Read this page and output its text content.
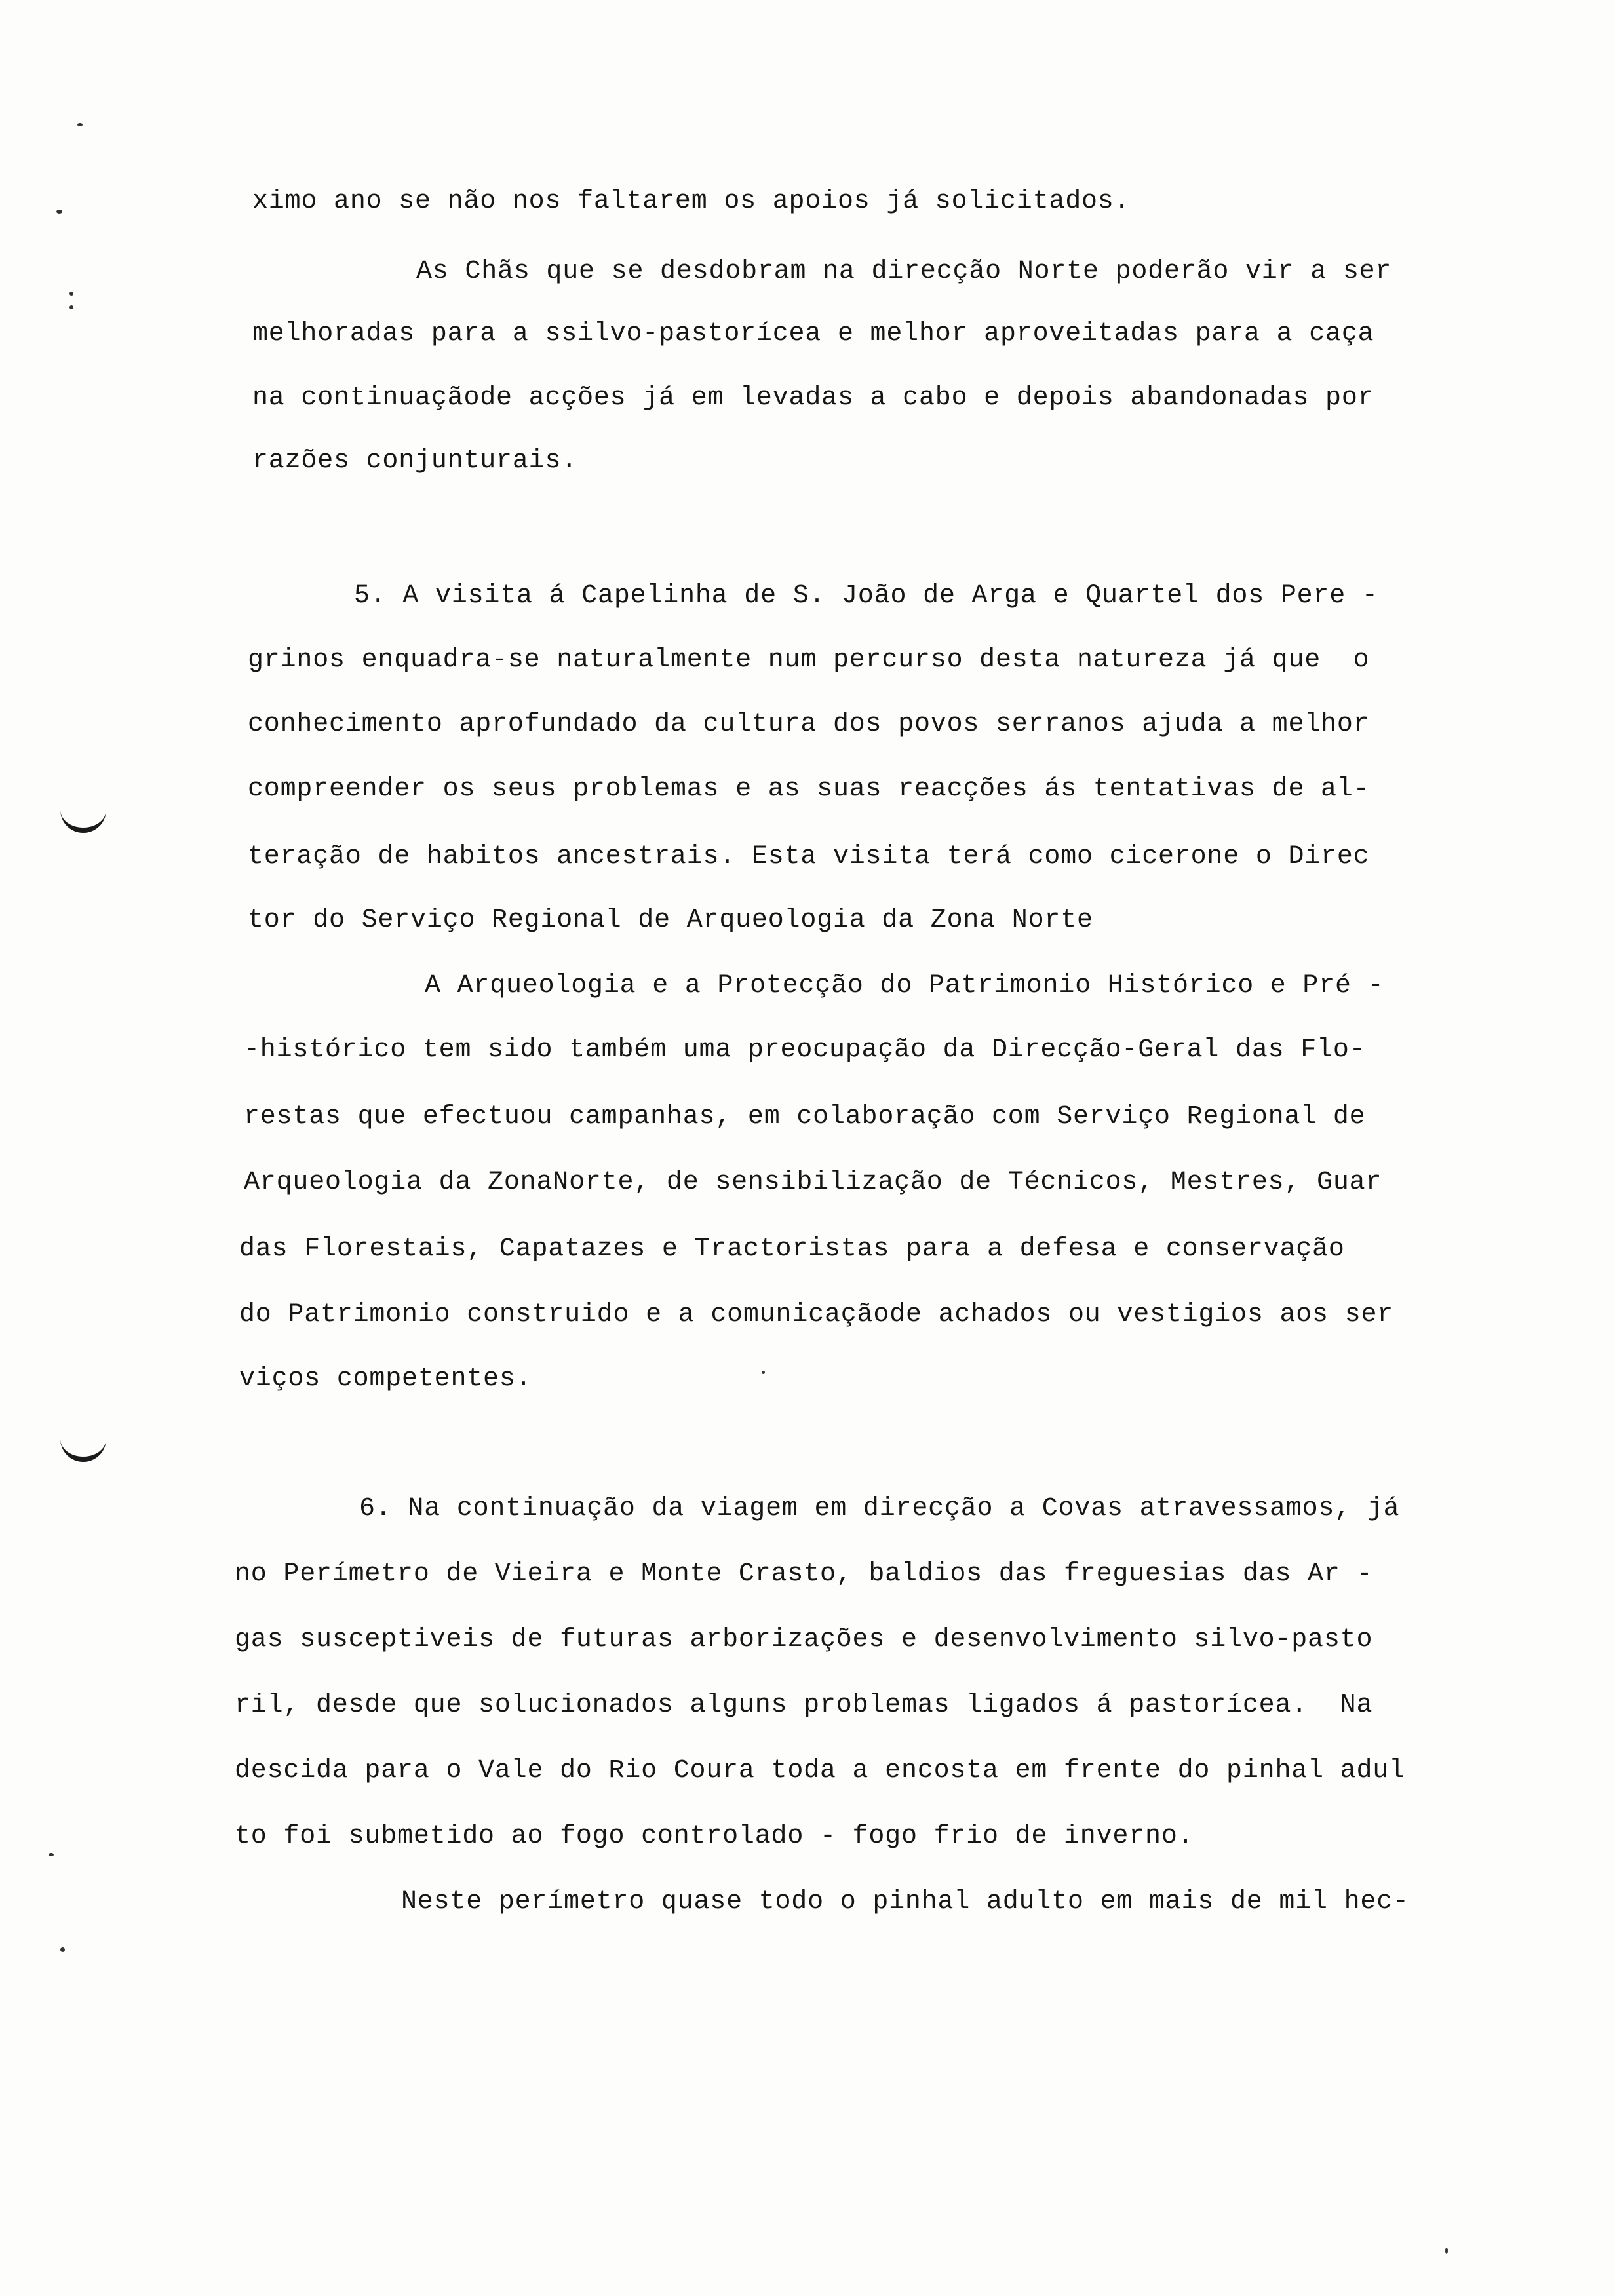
ximo ano se não nos faltarem os apoios já solicitados.
As Chãs que se desdobram na direcção Norte poderão vir a ser
melhoradas para a ssilvo-pastorícea e melhor aproveitadas para a caça
na continuaçãode acções já em levadas a cabo e depois abandonadas por
razões conjunturais.
5. A visita á Capelinha de S. João de Arga e Quartel dos Pere -
grinos enquadra-se naturalmente num percurso desta natureza já que  o
conhecimento aprofundado da cultura dos povos serranos ajuda a melhor
compreender os seus problemas e as suas reacções ás tentativas de al-
teração de habitos ancestrais. Esta visita terá como cicerone o Direc
tor do Serviço Regional de Arqueologia da Zona Norte
A Arqueologia e a Protecção do Patrimonio Histórico e Pré -
-histórico tem sido também uma preocupação da Direcção-Geral das Flo-
restas que efectuou campanhas, em colaboração com Serviço Regional de
Arqueologia da ZonaNorte, de sensibilização de Técnicos, Mestres, Guar
das Florestais, Capatazes e Tractoristas para a defesa e conservação
do Patrimonio construido e a comunicaçãode achados ou vestigios aos ser
viços competentes.
6. Na continuação da viagem em direcção a Covas atravessamos, já
no Perímetro de Vieira e Monte Crasto, baldios das freguesias das Ar -
gas susceptiveis de futuras arborizações e desenvolvimento silvo-pasto
ril, desde que solucionados alguns problemas ligados á pastorícea.  Na
descida para o Vale do Rio Coura toda a encosta em frente do pinhal adul
to foi submetido ao fogo controlado - fogo frio de inverno.
Neste perímetro quase todo o pinhal adulto em mais de mil hec-
